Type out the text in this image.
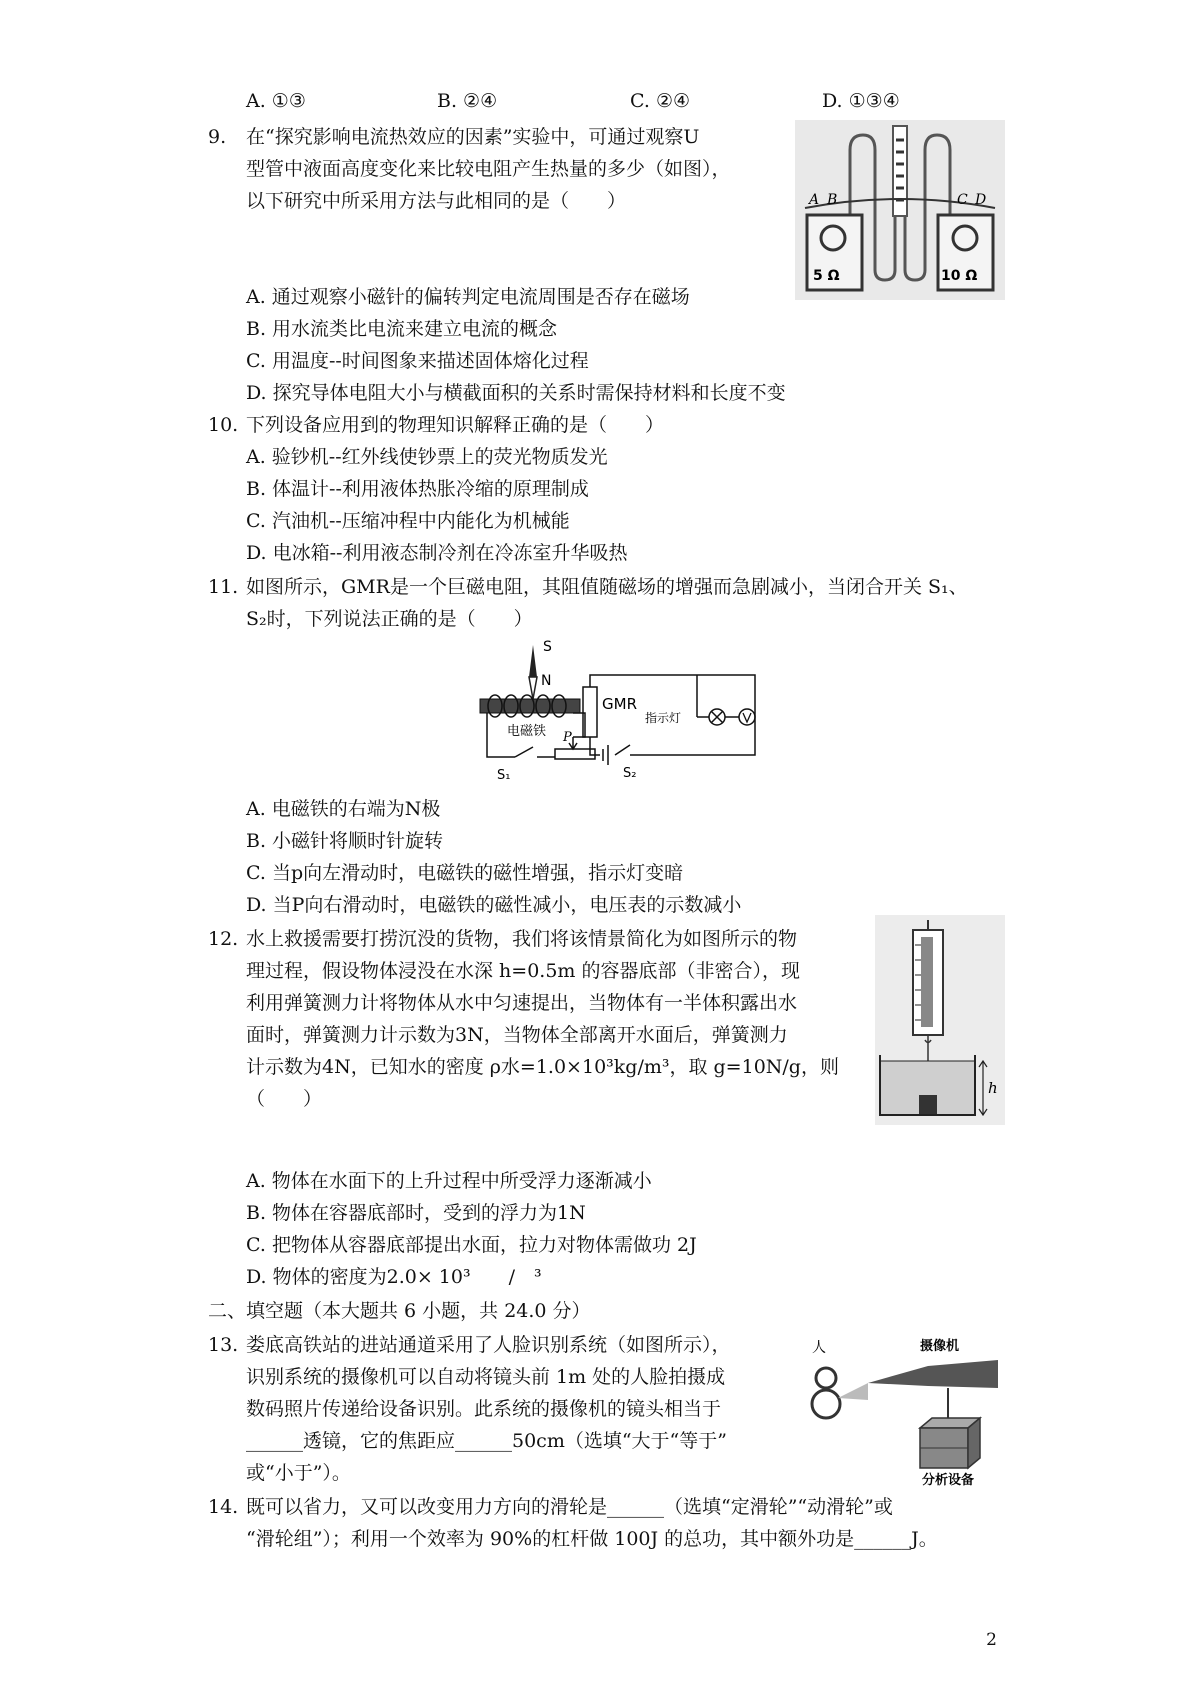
A. ①③	B. ②④	C. ②④	D. ①③④
9. 在“探究影响电流热效应的因素”实验中，可通过观察U
型管中液面高度变化来比较电阻产生热量的多少（如图），
以下研究中所采用方法与此相同的是（　　）	A B	C D
5 Ω	10 Ω
A. 通过观察小磁针的偏转判定电流周围是否存在磁场
B. 用水流类比电流来建立电流的概念
C. 用温度--时间图象来描述固体熔化过程
D. 探究导体电阻大小与横截面积的关系时需保持材料和长度不变
10. 下列设备应用到的物理知识解释正确的是（　　）
A. 验钞机--红外线使钞票上的荧光物质发光
B. 体温计--利用液体热胀冷缩的原理制成
C. 汽油机--压缩冲程中内能化为机械能
D. 电冰箱--利用液态制冷剂在冷冻室升华吸热
11. 如图所示，GMR是一个巨磁电阻，其阻值随磁场的增强而急剧减小，当闭合开关 S₁、
S₂时，下列说法正确的是（　　）
S
N
电磁铁 P
S₁
GMR
S₂
指示灯
A. 电磁铁的右端为N极
B. 小磁针将顺时针旋转
C. 当p向左滑动时，电磁铁的磁性增强，指示灯变暗
D. 当P向右滑动时，电磁铁的磁性减小，电压表的示数减小
12. 水上救援需要打捞沉没的货物，我们将该情景简化为如图所示的物
理过程，假设物体浸没在水深 h=0.5m 的容器底部（非密合），现
利用弹簧测力计将物体从水中匀速提出，当物体有一半体积露出水
面时，弹簧测力计示数为3N，当物体全部离开水面后，弹簧测力
计示数为4N，已知水的密度 ρ水=1.0×10³kg/m³，取 g=10N/g，则
（　　）	h
A. 物体在水面下的上升过程中所受浮力逐渐减小
B. 物体在容器底部时，受到的浮力为1N
C. 把物体从容器底部提出水面，拉力对物体需做功 2J
D. 物体的密度为2.0× 10³　　/　³
二、填空题（本大题共 6 小题，共 24.0 分）
13. 娄底高铁站的进站通道采用了人脸识别系统（如图所示），
识别系统的摄像机可以自动将镜头前 1m 处的人脸拍摄成
数码照片传递给设备识别。此系统的摄像机的镜头相当于
______透镜，它的焦距应______50cm（选填“大于“等于”
或“小于”）。
人	摄像机
分析设备
14. 既可以省力，又可以改变用力方向的滑轮是______（选填“定滑轮”“动滑轮”或
“滑轮组”）；利用一个效率为 90%的杠杆做 100J 的总功，其中额外功是______J。
2
